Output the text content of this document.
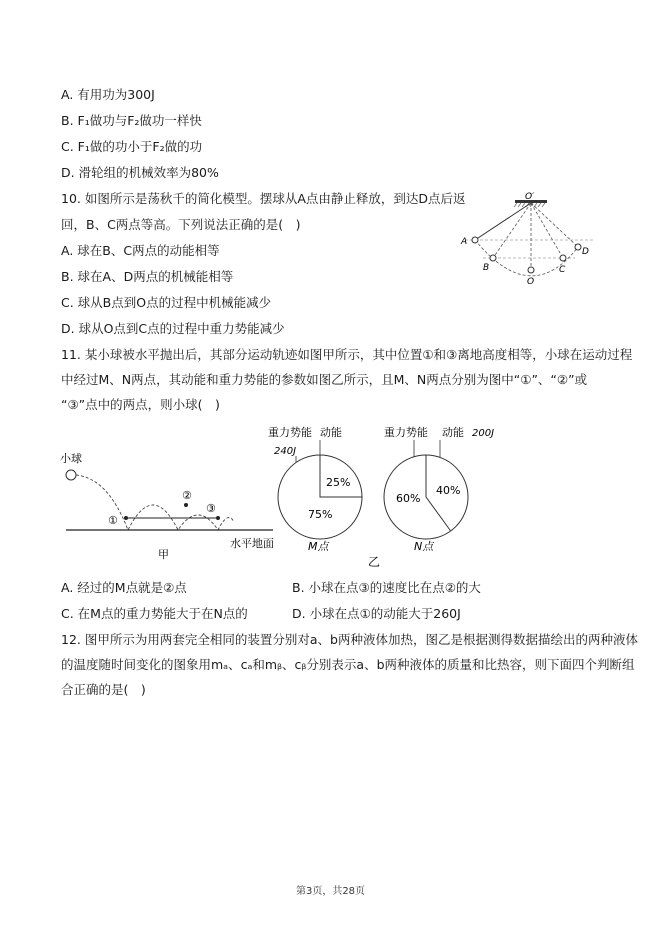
A. 有用功为300J
B. F₁做功与F₂做功一样快
C. F₁做的功小于F₂做的功
D. 滑轮组的机械效率为80%
10. 如图所示是荡秋千的简化模型。摆球从A点由静止释放，到达D点后返
回，B、C两点等高。下列说法正确的是(　)
A. 球在B、C两点的动能相等
B. 球在A、D两点的机械能相等
C. 球从B点到O点的过程中机械能减少
D. 球从O点到C点的过程中重力势能减少
O′
A
B
O
C
D
11. 某小球被水平抛出后，其部分运动轨迹如图甲所示，其中位置①和③离地高度相等，小球在运动过程
中经过M、N两点，其动能和重力势能的参数如图乙所示，且M、N两点分别为图中“①”、“②”或
“③”点中的两点，则小球(　)
小球
①
②
③
甲
水平地面
重力势能 动能
240J
25%
75%
M点
重力势能 动能 200J
40%
60%
N点
乙
A. 经过的M点就是②点	B. 小球在点③的速度比在点②的大
C. 在M点的重力势能大于在N点的	D. 小球在点①的动能大于260J
12. 图甲所示为用两套完全相同的装置分别对a、b两种液体加热，图乙是根据测得数据描绘出的两种液体
的温度随时间变化的图象用mₐ、cₐ和mᵦ、cᵦ分别表示a、b两种液体的质量和比热容，则下面四个判断组
合正确的是(　)
第3页，共28页
